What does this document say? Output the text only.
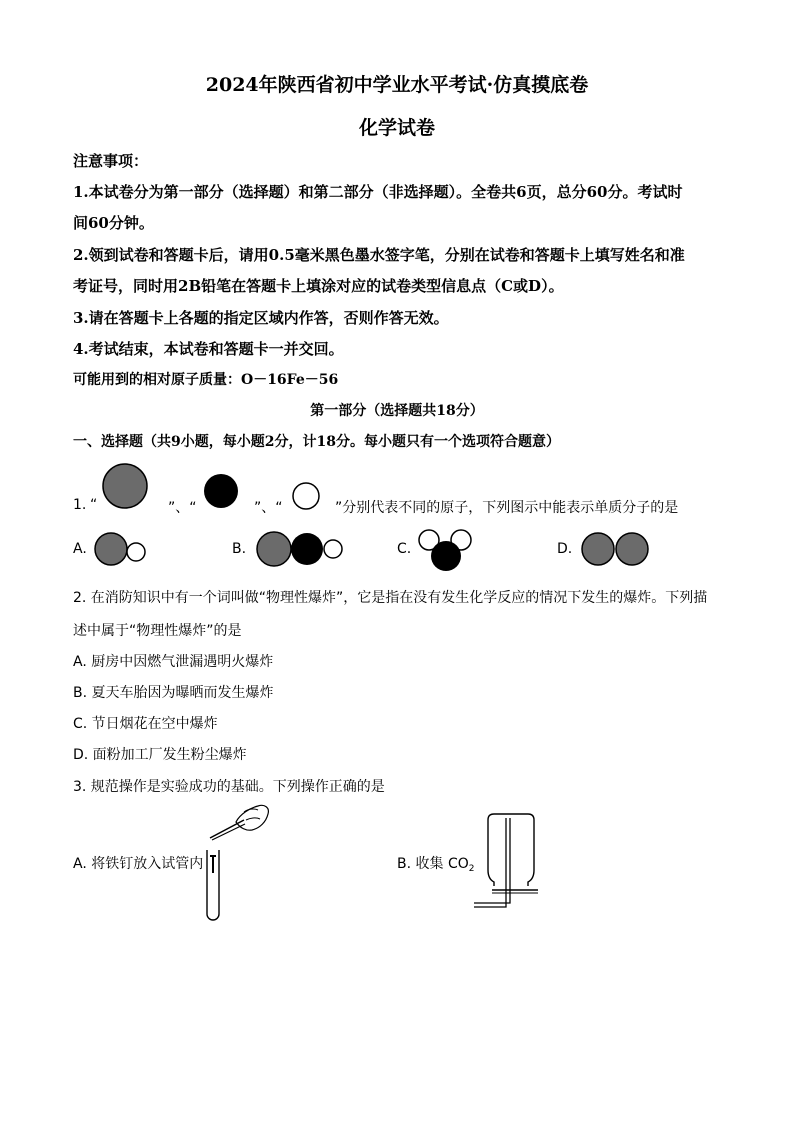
2024年陕西省初中学业水平考试·仿真摸底卷
化学试卷
注意事项：
1.本试卷分为第一部分（选择题）和第二部分（非选择题）。全卷共6页，总分60分。考试时
间60分钟。
2.领到试卷和答题卡后，请用0.5毫米黑色墨水签字笔，分别在试卷和答题卡上填写姓名和准
考证号，同时用2B铅笔在答题卡上填涂对应的试卷类型信息点（C或D）。
3.请在答题卡上各题的指定区域内作答，否则作答无效。
4.考试结束，本试卷和答题卡一并交回。
可能用到的相对原子质量：O－16Fe－56
第一部分（选择题共18分）
一、选择题（共9小题，每小题2分，计18分。每小题只有一个选项符合题意）
1. “	”、“	”、“	”分别代表不同的原子，下列图示中能表示单质分子的是
A.	B.	C.	D.
2. 在消防知识中有一个词叫做“物理性爆炸”，它是指在没有发生化学反应的情况下发生的爆炸。下列描
述中属于“物理性爆炸”的是
A. 厨房中因燃气泄漏遇明火爆炸
B. 夏天车胎因为曝晒而发生爆炸
C. 节日烟花在空中爆炸
D. 面粉加工厂发生粉尘爆炸
3. 规范操作是实验成功的基础。下列操作正确的是
A. 将铁钉放入试管内	B. 收集 $CO_2$
